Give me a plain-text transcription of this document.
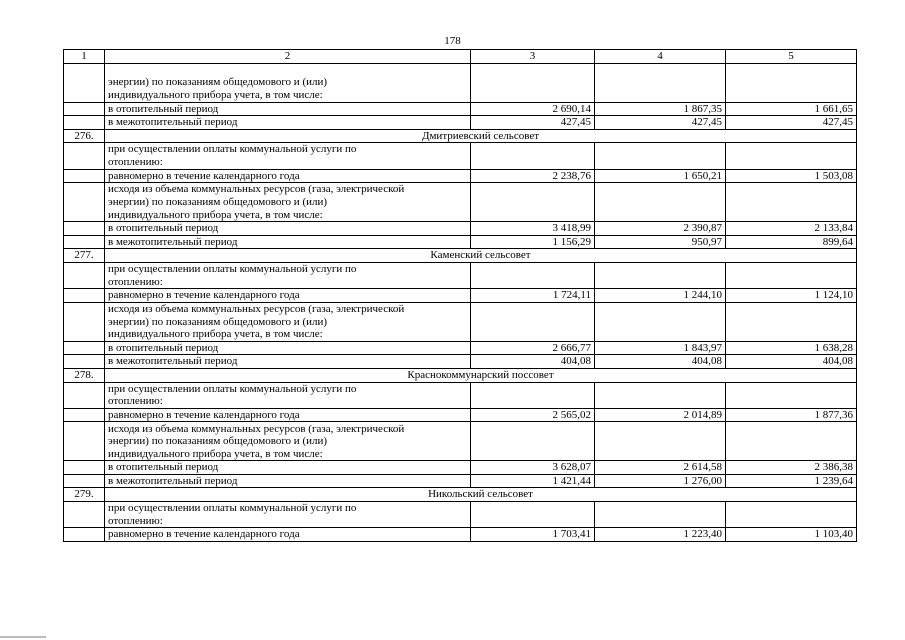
178
1	2	3	4	5
	энергии) по показаниям общедомового и (или)
индивидуального прибора учета, в том числе:			
	в отопительный период	2 690,14	1 867,35	1 661,65
	в межотопительный период	427,45	427,45	427,45
276.	Дмитриевский сельсовет			
	при осуществлении оплаты коммунальной услуги по
отоплению:			
	равномерно в течение календарного года	2 238,76	1 650,21	1 503,08
	исходя из объема коммунальных ресурсов (газа, электрической
энергии) по показаниям общедомового и (или)
индивидуального прибора учета, в том числе:			
	в отопительный период	3 418,99	2 390,87	2 133,84
	в межотопительный период	1 156,29	950,97	899,64
277.	Каменский сельсовет			
	при осуществлении оплаты коммунальной услуги по
отоплению:			
	равномерно в течение календарного года	1 724,11	1 244,10	1 124,10
	исходя из объема коммунальных ресурсов (газа, электрической
энергии) по показаниям общедомового и (или)
индивидуального прибора учета, в том числе:			
	в отопительный период	2 666,77	1 843,97	1 638,28
	в межотопительный период	404,08	404,08	404,08
278.	Краснокоммунарский поссовет			
	при осуществлении оплаты коммунальной услуги по
отоплению:			
	равномерно в течение календарного года	2 565,02	2 014,89	1 877,36
	исходя из объема коммунальных ресурсов (газа, электрической
энергии) по показаниям общедомового и (или)
индивидуального прибора учета, в том числе:			
	в отопительный период	3 628,07	2 614,58	2 386,38
	в межотопительный период	1 421,44	1 276,00	1 239,64
279.	Никольский сельсовет			
	при осуществлении оплаты коммунальной услуги по
отоплению:			
	равномерно в течение календарного года	1 703,41	1 223,40	1 103,40
